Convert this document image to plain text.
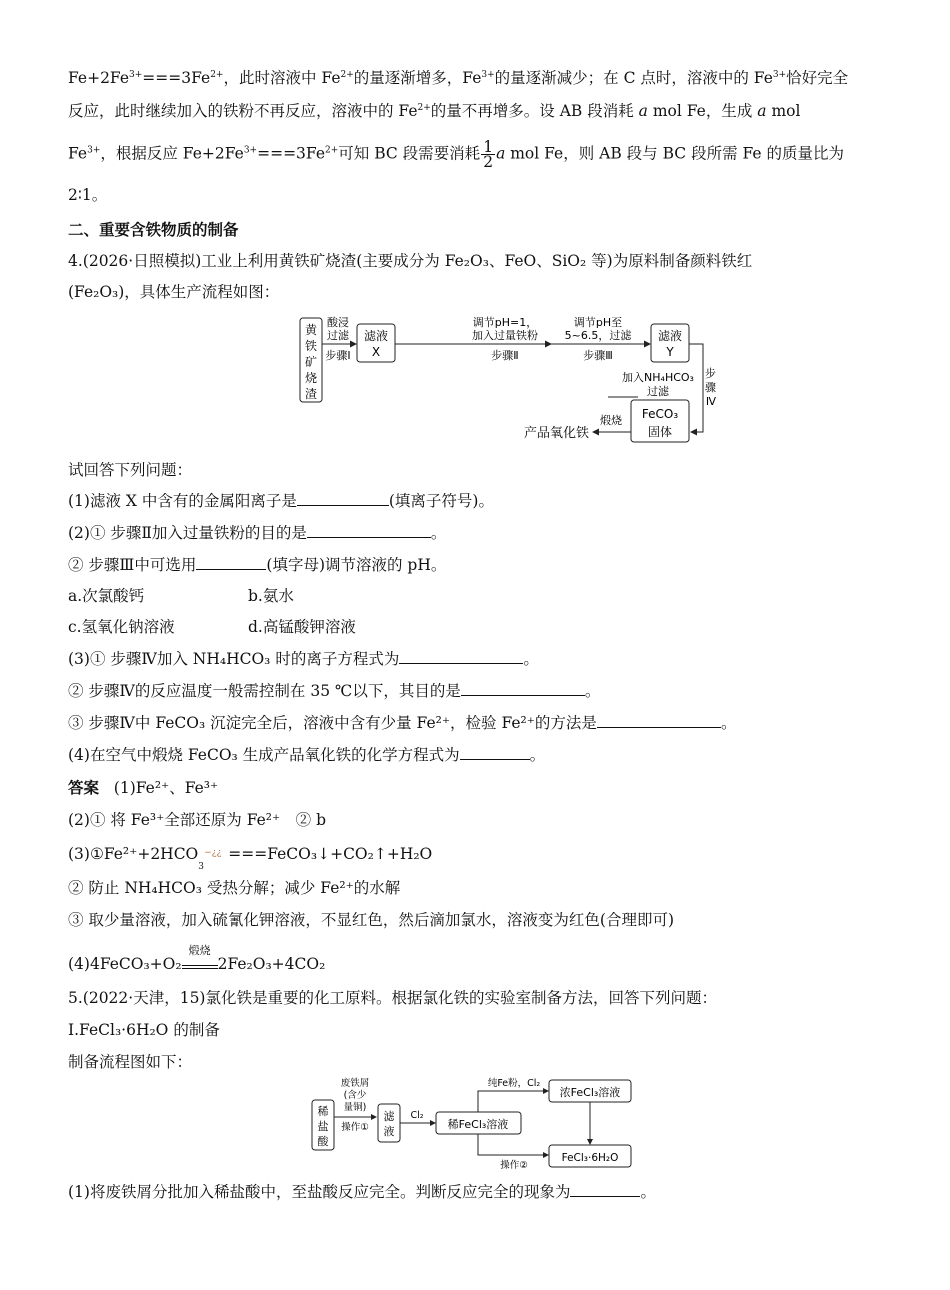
$Fe+2Fe^{3+}===3Fe^{2+}$，此时溶液中 $Fe^{2+}$的量逐渐增多，$Fe^{3+}$的量逐渐减少；在 C 点时，溶液中的 $Fe^{3+}$恰好完全
反应，此时继续加入的铁粉不再反应，溶液中的 $Fe^{2+}$的量不再增多。设 AB 段消耗 a mol Fe，生成 a mol
$Fe^{3+}$，根据反应 $Fe+2Fe^{3+}===3Fe^{2+}$可知 BC 段需要消耗 $\frac{1}{2}$ a mol Fe，则 AB 段与 BC 段所需 Fe 的质量比为
2∶1。
二、重要含铁物质的制备
4.(2026·日照模拟)工业上利用黄铁矿烧渣(主要成分为 Fe₂O₃、FeO、SiO₂ 等)为原料制备颜料铁红
(Fe₂O₃)，具体生产流程如图：
黄
铁
矿
烧
渣
酸浸
过滤
步骤Ⅰ
滤液
X
调节pH=1，
加入过量铁粉
步骤Ⅱ
调节pH至
5~6.5，过滤
步骤Ⅲ
滤液
Y
步
骤
Ⅳ
加入NH₄HCO₃
过滤
FeCO₃
固体
煅烧
产品氧化铁
试回答下列问题：
(1)滤液 X 中含有的金属阳离子是	(填离子符号)。
(2)① 步骤Ⅱ加入过量铁粉的目的是	。
② 步骤Ⅲ中可选用	(填字母)调节溶液的 pH。
a.次氯酸钙	b.氨水
c.氢氧化钠溶液	d.高锰酸钾溶液
(3)① 步骤Ⅳ加入 NH₄HCO₃ 时的离子方程式为	。
② 步骤Ⅳ的反应温度一般需控制在 35 ℃以下，其目的是	。
③ 步骤Ⅳ中 FeCO₃ 沉淀完全后，溶液中含有少量 Fe²⁺，检验 Fe²⁺的方法是	。
(4)在空气中煅烧 FeCO₃ 生成产品氧化铁的化学方程式为	。
答案 (1)Fe²⁺、Fe³⁺
(2)① 将 Fe³⁺全部还原为 Fe²⁺　② b
(3)①Fe²⁺+2HCO
3
−¿¿ ===FeCO₃↓+CO₂↑+H₂O
② 防止 NH₄HCO₃ 受热分解；减少 Fe²⁺的水解
③ 取少量溶液，加入硫氰化钾溶液，不显红色，然后滴加氯水，溶液变为红色(合理即可)
(4)4FeCO₃+O₂
煅烧
2Fe₂O₃+4CO₂
5.(2022·天津，15)氯化铁是重要的化工原料。根据氯化铁的实验室制备方法，回答下列问题：
Ⅰ.FeCl₃·6H₂O 的制备
制备流程图如下：
稀
盐
酸
废铁屑
(含少
量铜)
操作①
滤
液
Cl₂
稀FeCl₃溶液
纯Fe粉，Cl₂
浓FeCl₃溶液
操作②
FeCl₃·6H₂O
(1)将废铁屑分批加入稀盐酸中，至盐酸反应完全。判断反应完全的现象为	。
